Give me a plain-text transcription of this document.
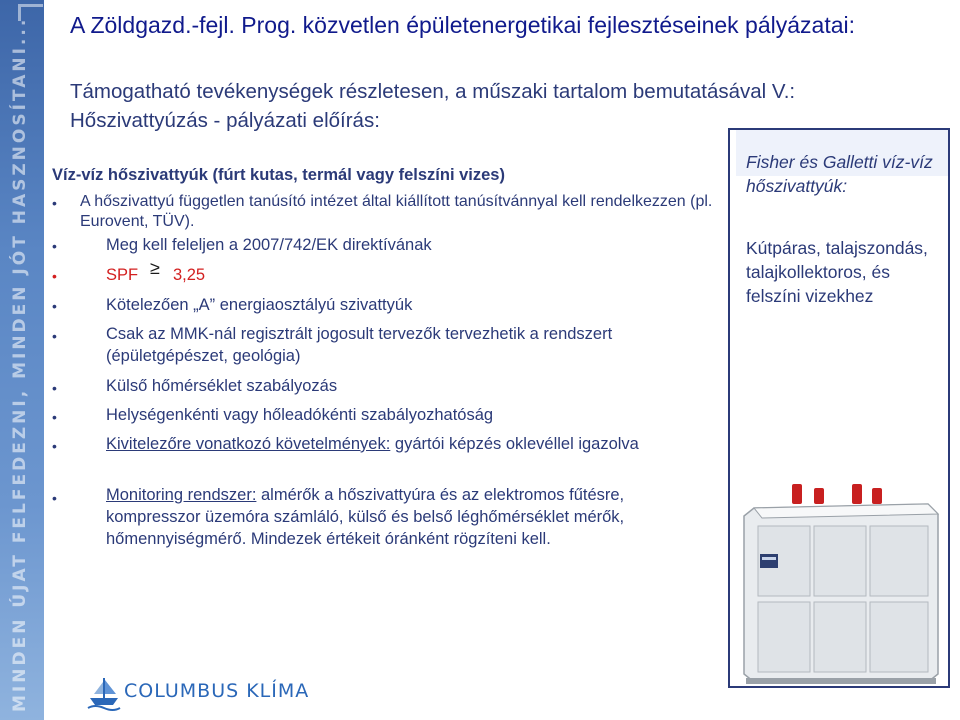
MINDEN ÚJAT FELFEDEZNI, MINDEN JÓT HASZNOSÍTANI... A Zöldgazd.-fejl. Prog. közvetlen épületenergetikai fejlesztéseinek pályázatai:
Támogatható tevékenységek részletesen, a műszaki tartalom bemutatásával V.:
Hőszivattyúzás - pályázati előírás:
Víz-víz hőszivattyúk (fúrt kutas, termál vagy felszíni vizes)
•	A hőszivattyú független tanúsító intézet által kiállított tanúsítvánnyal kell rendelkezzen (pl. Eurovent, TÜV).
•	Meg kell feleljen a 2007/742/EK direktívának
•	SPF ≥ 3,25
•	Kötelezően „A” energiaosztályú szivattyúk
•	Csak az MMK-nál regisztrált jogosult tervezők tervezhetik a rendszert (épületgépészet, geológia)
•	Külső hőmérséklet szabályozás
•	Helységenkénti vagy hőleadókénti szabályozhatóság
•	Kivitelezőre vonatkozó követelmények: gyártói képzés oklevéllel igazolva
•	Monitoring rendszer: almérők a hőszivattyúra és az elektromos fűtésre, kompresszor üzemóra számláló, külső és belső léghőmérséklet mérők, hőmennyiségmérő. Mindezek értékeit óránként rögzíteni kell.
Fisher és Galletti víz-víz hőszivattyúk:
Kútpáras, talajszondás, talajkollektoros, és felszíni vizekhez
COLUMBUS KLÍMA
